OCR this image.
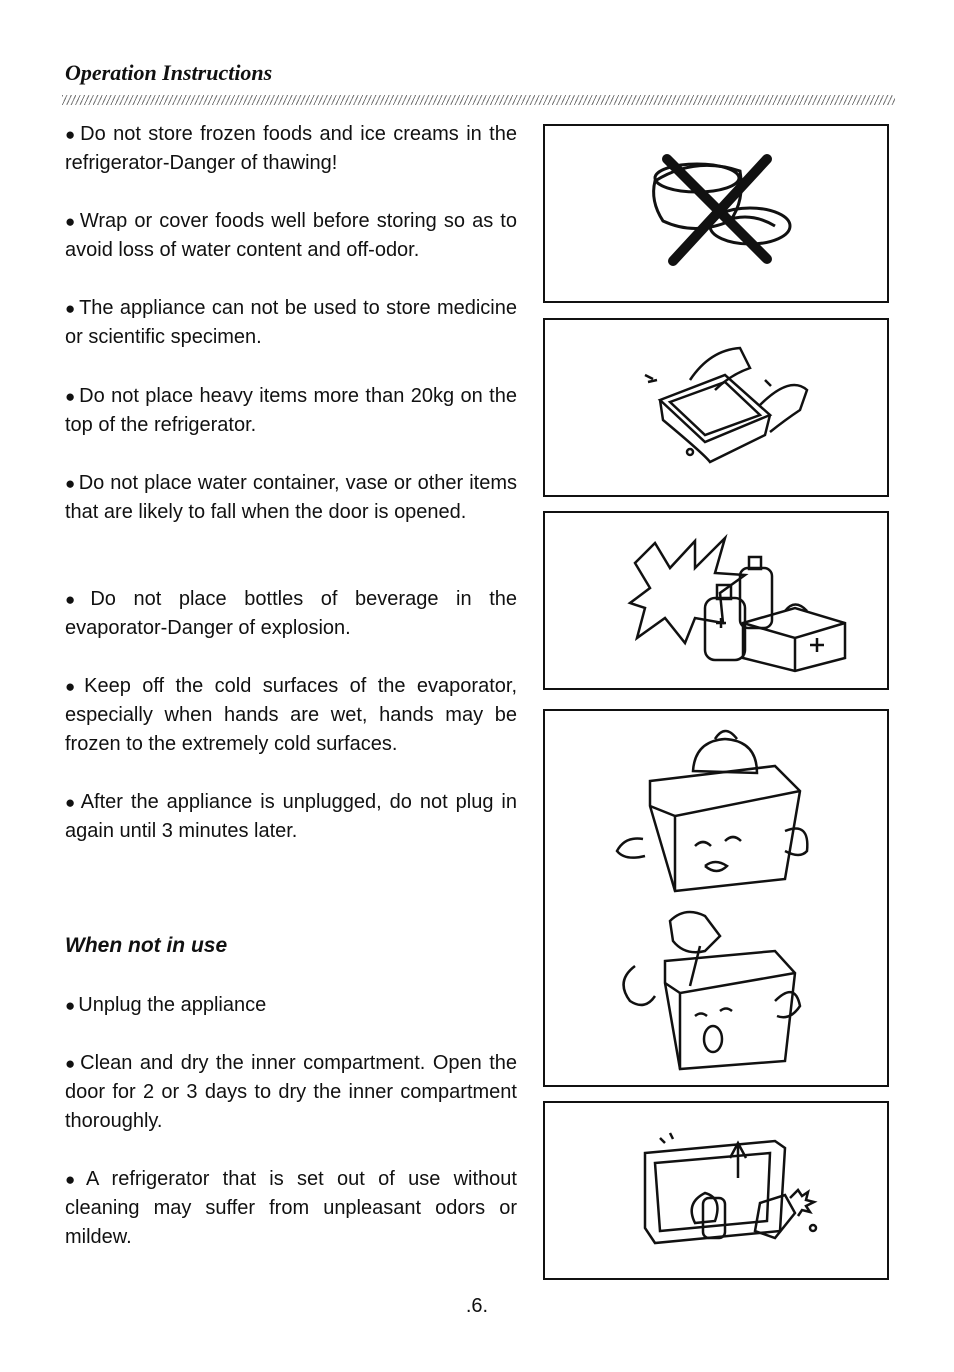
Operation Instructions
● Do not store frozen foods and ice creams in the refrigerator-Danger of thawing!
● Wrap or cover foods well before storing so as to avoid loss of water content and off-odor.
● The appliance can not be used to store medicine or scientific specimen.
● Do not place heavy items more than 20kg on the top of the refrigerator.
● Do not place water container, vase or other items that are likely to fall when the door is opened.
● Do not place bottles of beverage in the evaporator-Danger of explosion.
● Keep off the cold surfaces of the evaporator, especially when hands are wet, hands may be frozen to the extremely cold surfaces.
● After the appliance is unplugged, do not plug in again until 3 minutes later.
When not in use
● Unplug the appliance
● Clean and dry the inner compartment. Open the door for 2 or 3 days to dry the inner compartment thoroughly.
● A refrigerator that is set out of use without cleaning may suffer from unpleasant odors or mildew.
.6.
